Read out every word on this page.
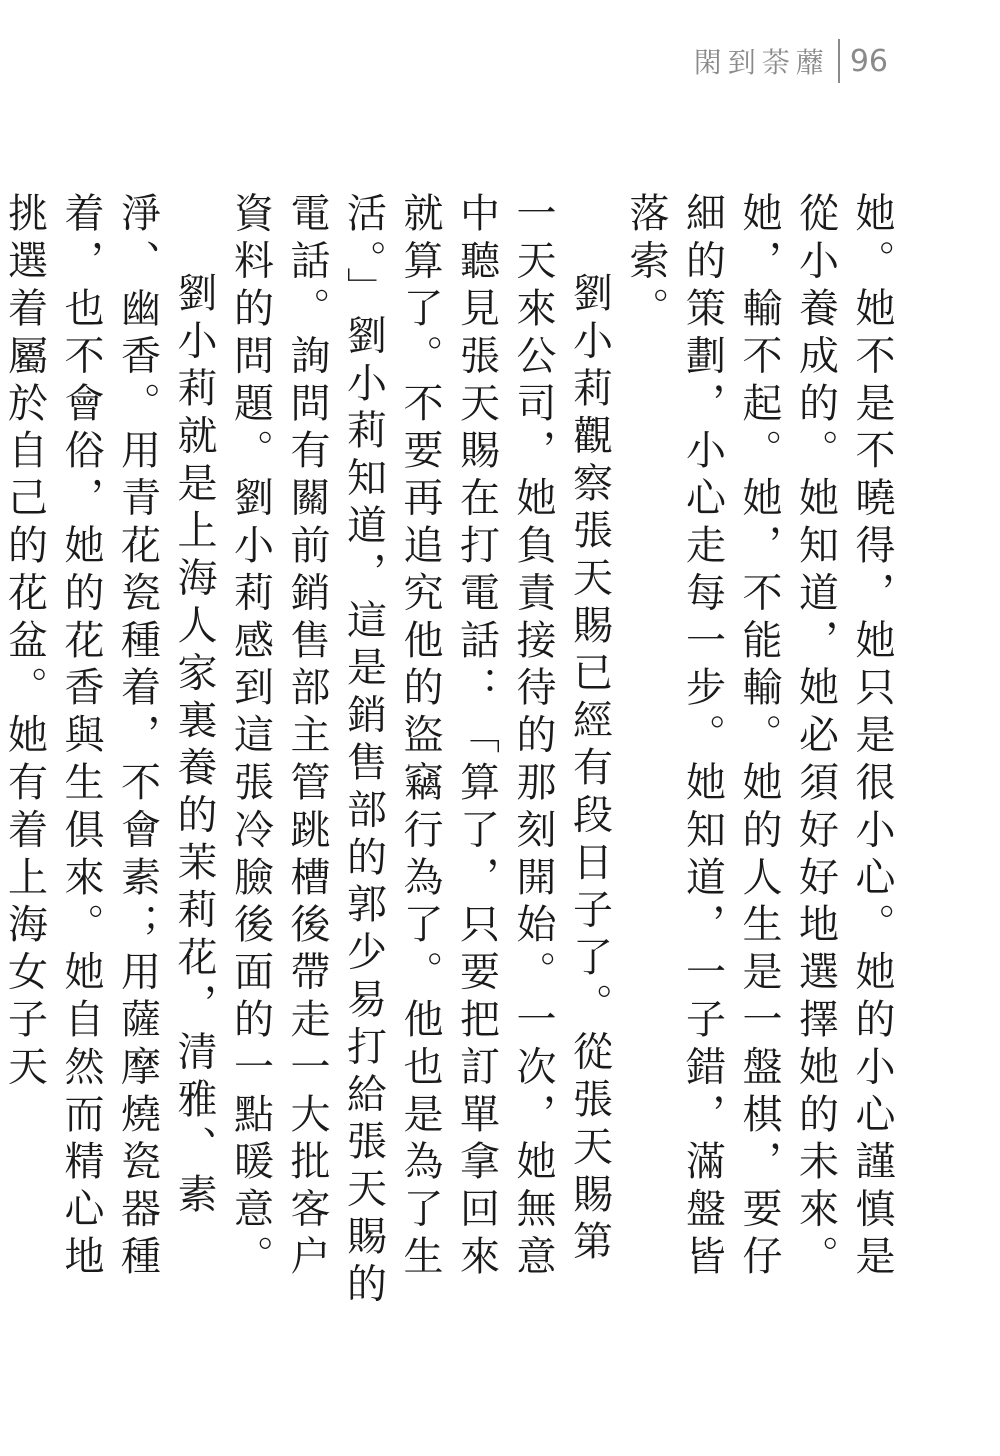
閑到荼蘼 96

她。她不是不曉得，她只是很小心。她的小心謹慎是從小養成的。她知道，她必須好好地選擇她的未來。她，輸不起。她，不能輸。她的人生是一盤棋，要仔細的策劃，小心走每一步。她知道，一子錯，滿盤皆落索。

劉小莉觀察張天賜已經有段日子了。從張天賜第一天來公司，她負責接待的那刻開始。一次，她無意中聽見張天賜在打電話：「算了，只要把訂單拿回來就算了。不要再追究他的盜竊行為了。他也是為了生活。」劉小莉知道，這是銷售部的郭少易打給張天賜的電話。詢問有關前銷售部主管跳槽後帶走一大批客户資料的問題。劉小莉感到這張冷臉後面的一點暖意。

劉小莉就是上海人家裏養的茉莉花，清雅、素淨、幽香。用青花瓷種着，不會素；用薩摩燒瓷器種着，也不會俗，她的花香與生俱來。她自然而精心地挑選着屬於自己的花盆。她有着上海女子天
